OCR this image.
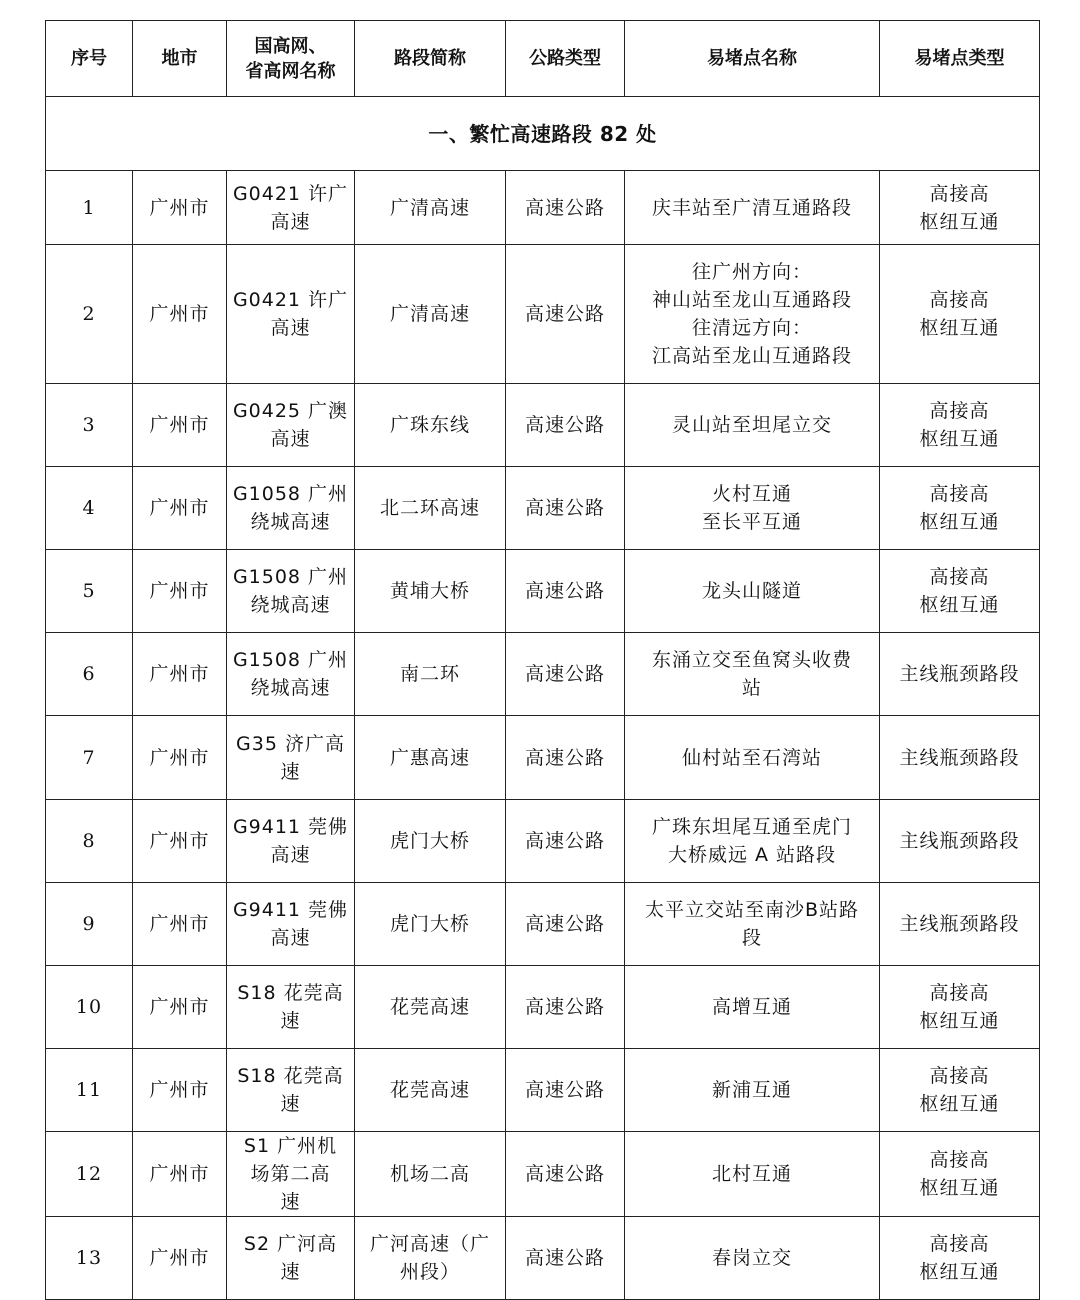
序号	地市	国高网、
省高网名称	路段简称	公路类型	易堵点名称	易堵点类型
一、繁忙高速路段 82 处						
1	广州市	G0421 许广
高速	广清高速	高速公路	庆丰站至广清互通路段	高接高
枢纽互通

2	广州市	G0421 许广
高速	广清高速	高速公路	往广州方向：
神山站至龙山互通路段
往清远方向：
江高站至龙山互通路段	高接高
枢纽互通

3	广州市	G0425 广澳
高速	广珠东线	高速公路	灵山站至坦尾立交	高接高
枢纽互通

4	广州市	G1058 广州
绕城高速	北二环高速	高速公路	火村互通
至长平互通	高接高
枢纽互通

5	广州市	G1508 广州
绕城高速	黄埔大桥	高速公路	龙头山隧道	高接高
枢纽互通

6	广州市	G1508 广州
绕城高速	南二环	高速公路	东涌立交至鱼窝头收费
站	主线瓶颈路段

7	广州市	G35 济广高
速	广惠高速	高速公路	仙村站至石湾站	主线瓶颈路段

8	广州市	G9411 莞佛
高速	虎门大桥	高速公路	广珠东坦尾互通至虎门
大桥威远 A 站路段	主线瓶颈路段

9	广州市	G9411 莞佛
高速	虎门大桥	高速公路	太平立交站至南沙B站路
段	主线瓶颈路段

10	广州市	S18 花莞高
速	花莞高速	高速公路	高增互通	高接高
枢纽互通

11	广州市	S18 花莞高
速	花莞高速	高速公路	新浦互通	高接高
枢纽互通

12	广州市	S1 广州机
场第二高
速	机场二高	高速公路	北村互通	高接高
枢纽互通

13	广州市	S2 广河高
速	广河高速（广
州段）	高速公路	春岗立交	高接高
枢纽互通
